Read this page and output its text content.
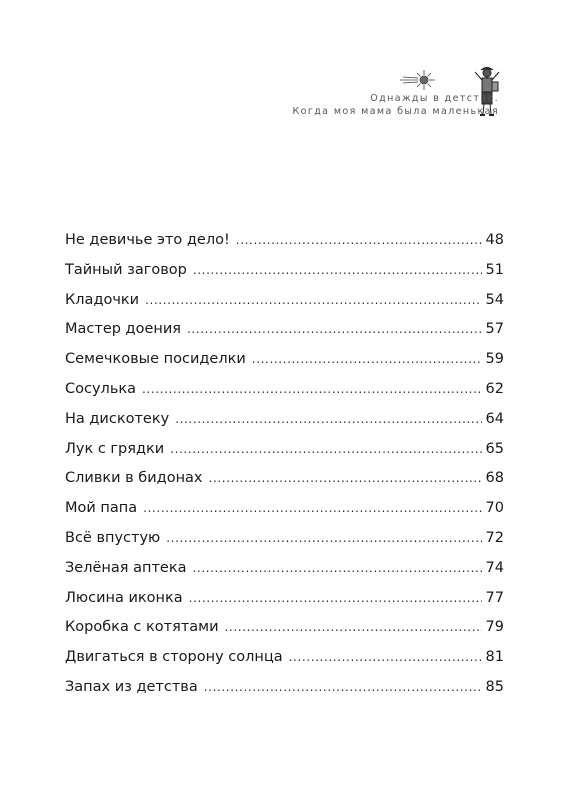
Однажды в детстве.
Когда моя мама была маленькая
Не девичье это дело! .....	48
Тайный заговор .....	51
Кладочки .....	54
Мастер доения .....	57
Семечковые посиделки .....	59
Сосулька .....	62
На дискотеку .....	64
Лук с грядки .....	65
Сливки в бидонах .....	68
Мой папа .....	70
Всё впустую .....	72
Зелёная аптека .....	74
Люсина иконка .....	77
Коробка с котятами .....	79
Двигаться в сторону солнца .....	81
Запах из детства .....	85
